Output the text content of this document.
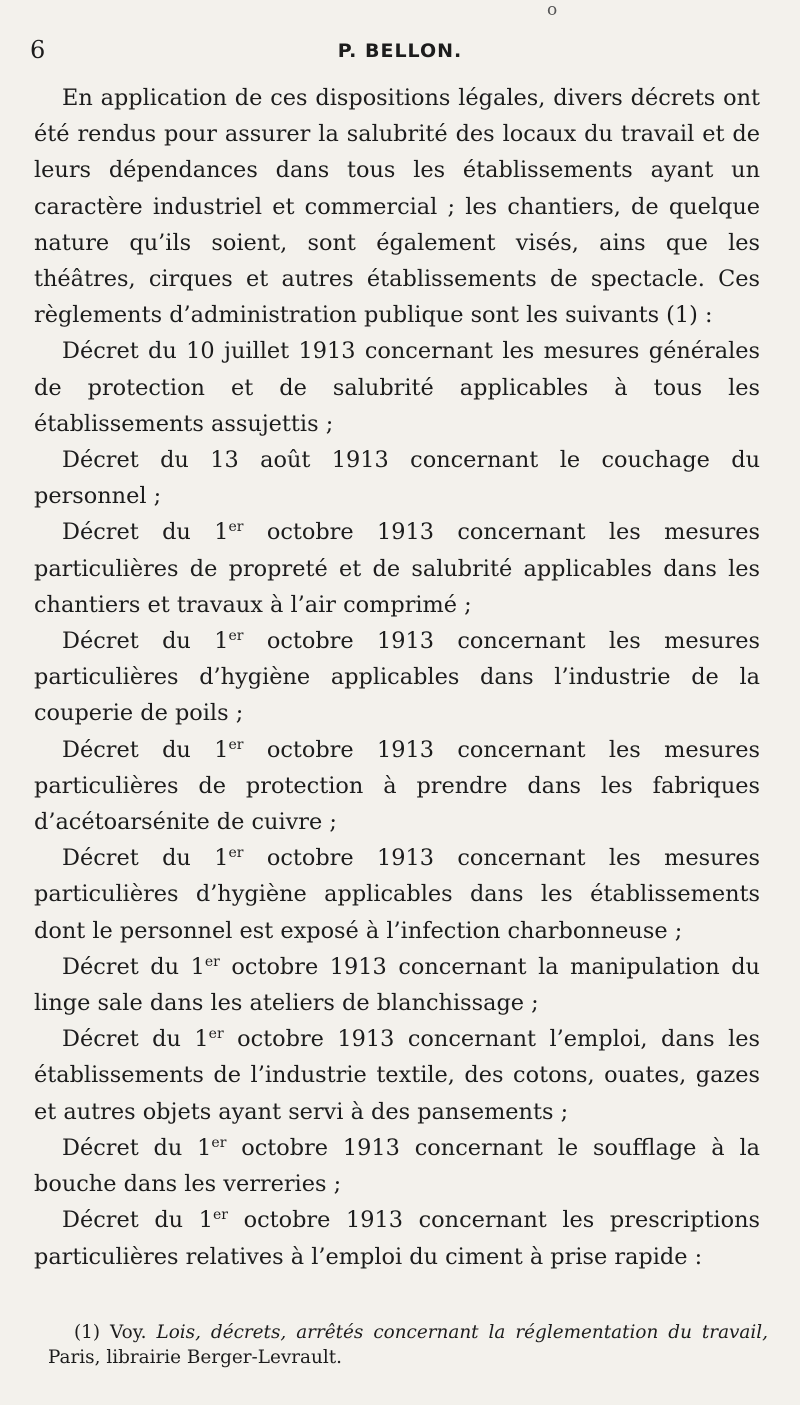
o
6	P. BELLON.

En application de ces dispositions légales, divers décrets ont été rendus pour assurer la salubrité des locaux du travail et de leurs dépendances dans tous les établissements ayant un caractère industriel et commercial ; les chantiers, de quelque nature qu’ils soient, sont également visés, ains que les théâtres, cirques et autres établissements de spectacle. Ces règlements d’administration publique sont les suivants (1) :

Décret du 10 juillet 1913 concernant les mesures générales de protection et de salubrité applicables à tous les établissements assujettis ;

Décret du 13 août 1913 concernant le couchage du personnel ;

Décret du 1er octobre 1913 concernant les mesures particulières de propreté et de salubrité applicables dans les chantiers et travaux à l’air comprimé ;

Décret du 1er octobre 1913 concernant les mesures particulières d’hygiène applicables dans l’industrie de la couperie de poils ;

Décret du 1er octobre 1913 concernant les mesures particulières de protection à prendre dans les fabriques d’acétoarsénite de cuivre ;

Décret du 1er octobre 1913 concernant les mesures particulières d’hygiène applicables dans les établissements dont le personnel est exposé à l’infection charbonneuse ;

Décret du 1er octobre 1913 concernant la manipulation du linge sale dans les ateliers de blanchissage ;

Décret du 1er octobre 1913 concernant l’emploi, dans les établissements de l’industrie textile, des cotons, ouates, gazes et autres objets ayant servi à des pansements ;

Décret du 1er octobre 1913 concernant le soufflage à la bouche dans les verreries ;

Décret du 1er octobre 1913 concernant les prescriptions particulières relatives à l’emploi du ciment à prise rapide :

(1) Voy. Lois, décrets, arrêtés concernant la réglementation du travail, Paris, librairie Berger-Levrault.
